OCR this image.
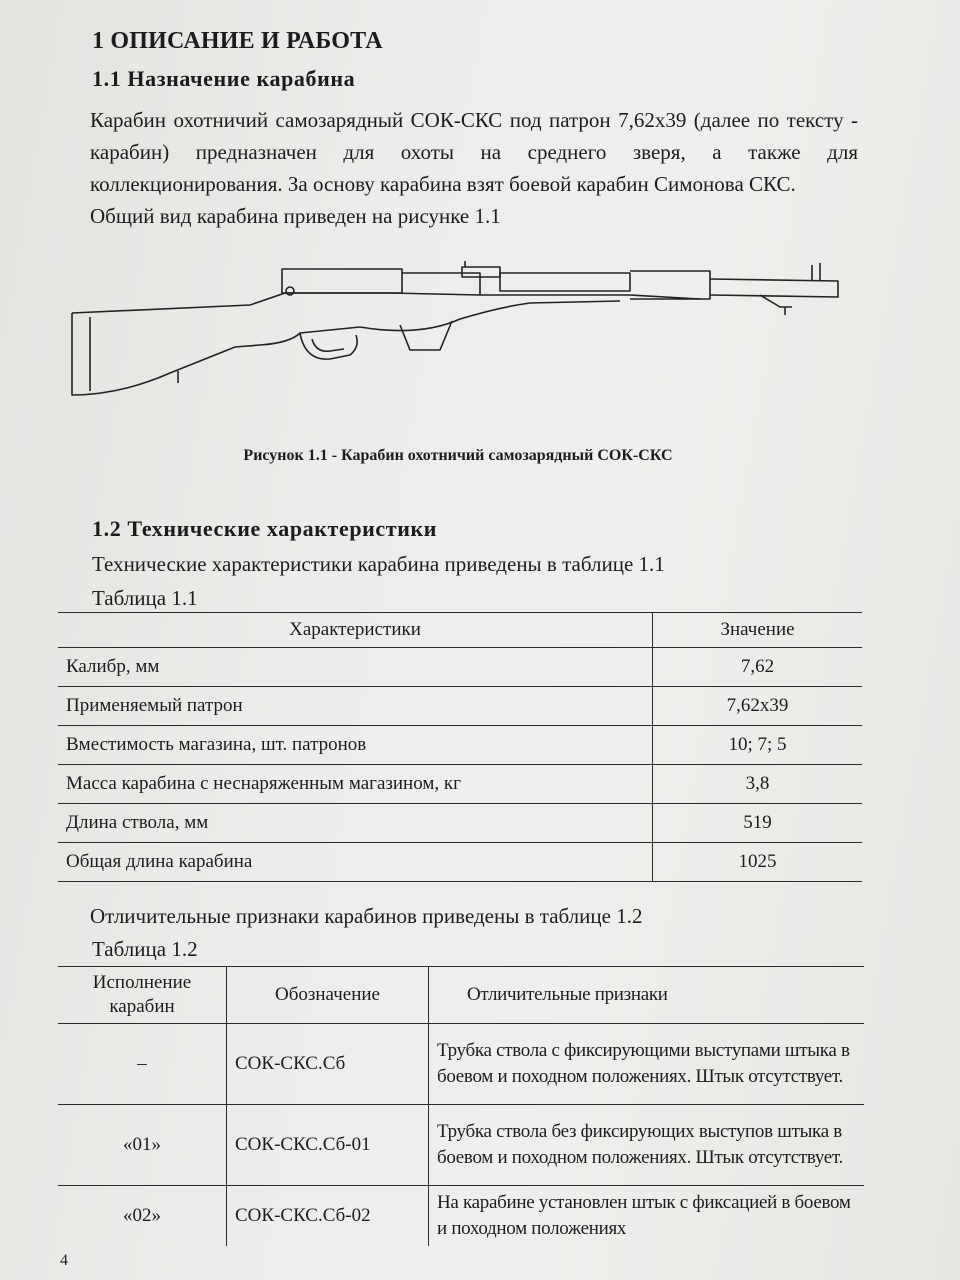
1 ОПИСАНИЕ И РАБОТА
1.1 Назначение карабина
Карабин охотничий самозарядный СОК-СКС под патрон 7,62х39 (далее по тексту - карабин) предназначен для охоты на среднего зверя, а также для коллекционирования. За основу карабина взят боевой карабин Симонова СКС.
Общий вид карабина приведен на рисунке 1.1
Рисунок 1.1 - Карабин охотничий самозарядный СОК-СКС
1.2 Технические характеристики
Технические характеристики карабина приведены в таблице 1.1
Таблица 1.1
Характеристики	Значение
Калибр, мм	7,62
Применяемый патрон	7,62х39
Вместимость магазина, шт. патронов	10; 7; 5
Масса карабина с неснаряженным магазином, кг	3,8
Длина ствола, мм	519
Общая длина карабина	1025
Отличительные признаки карабинов приведены в таблице 1.2
Таблица 1.2
Исполнение карабин	Обозначение	Отличительные признаки
–	СОК-СКС.Сб	Трубка ствола с фиксирующими выступами штыка в боевом и походном положениях. Штык отсутствует.
«01»	СОК-СКС.Сб-01	Трубка ствола без фиксирующих выступов штыка в боевом и походном положениях. Штык отсутствует.
«02»	СОК-СКС.Сб-02	На карабине установлен штык с фиксацией в боевом и походном положениях
4
